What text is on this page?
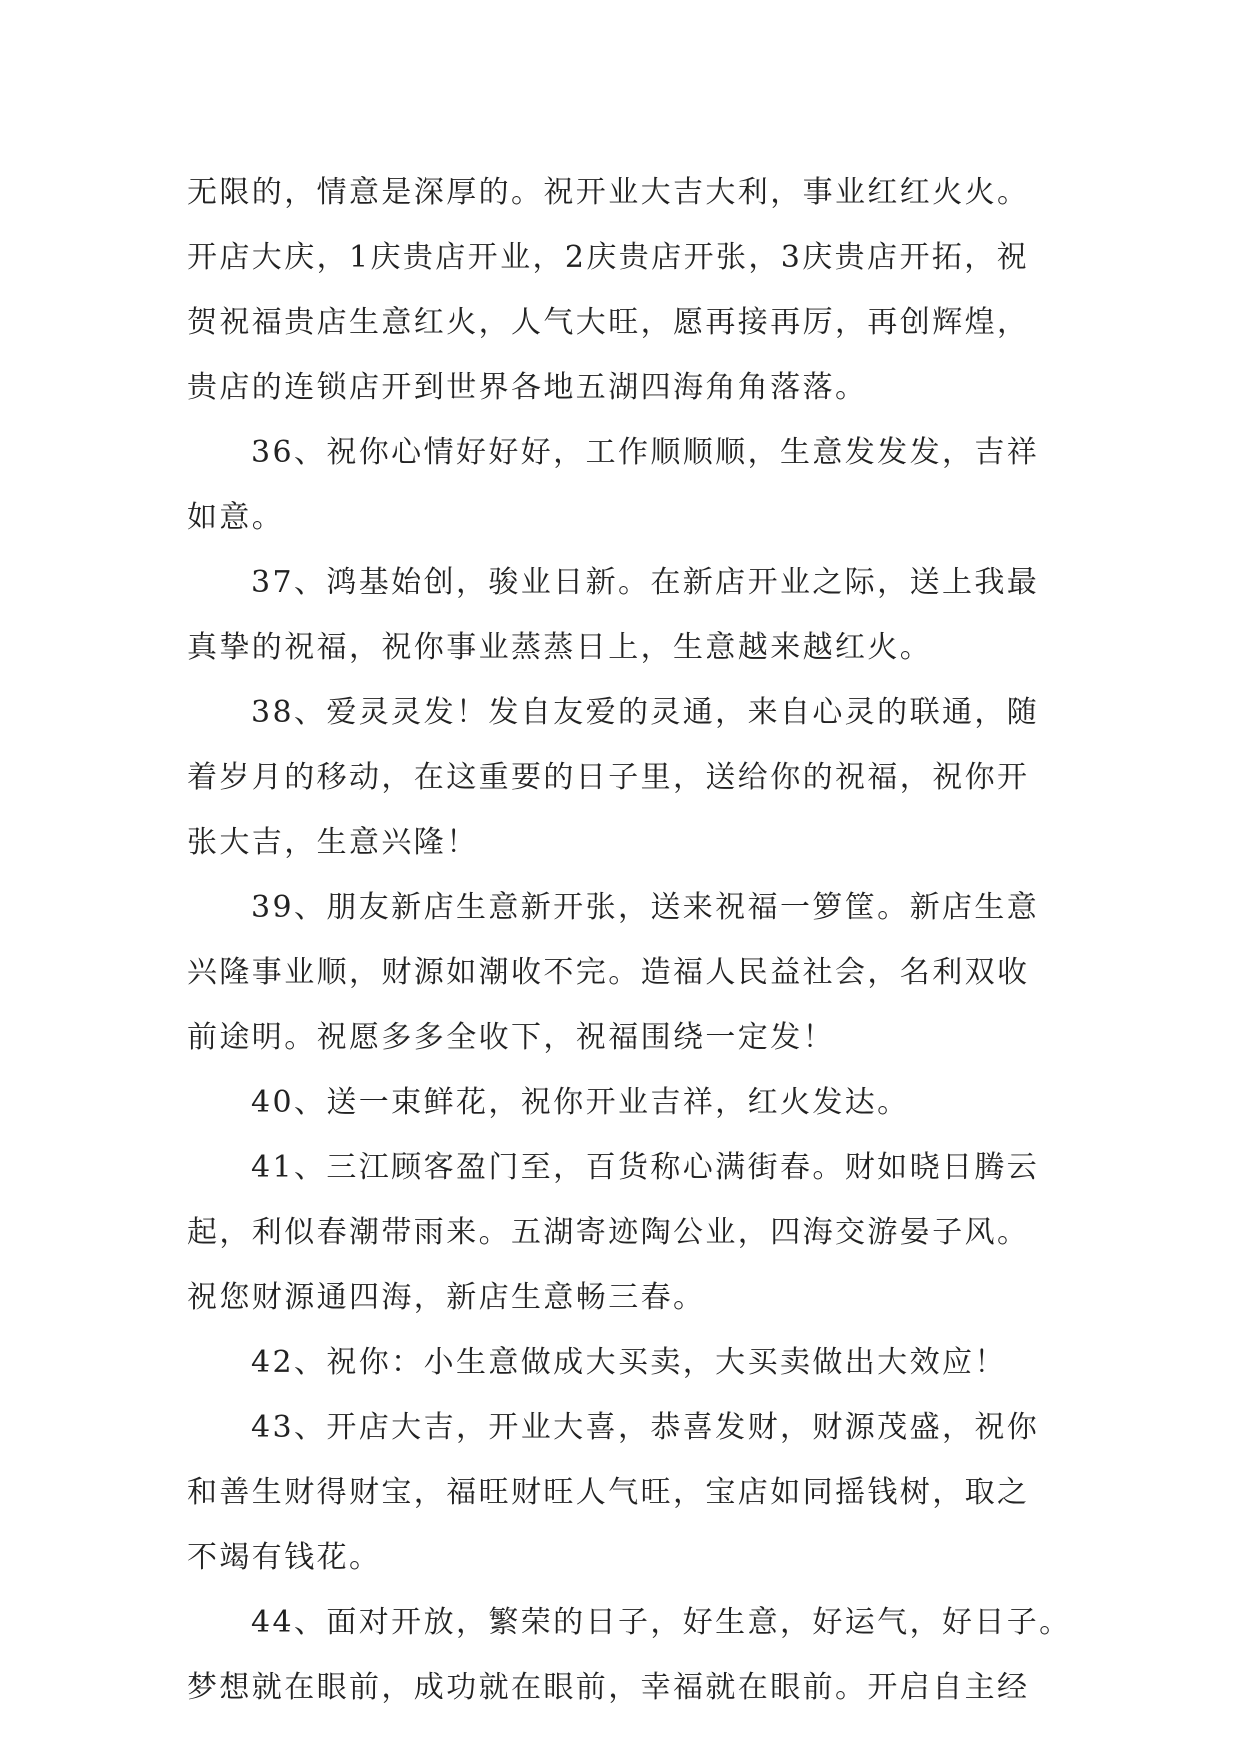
无限的，情意是深厚的。祝开业大吉大利，事业红红火火。
开店大庆，1庆贵店开业，2庆贵店开张，3庆贵店开拓，祝
贺祝福贵店生意红火，人气大旺，愿再接再厉，再创辉煌，
贵店的连锁店开到世界各地五湖四海角角落落。
36、祝你心情好好好，工作顺顺顺，生意发发发，吉祥
如意。
37、鸿基始创，骏业日新。在新店开业之际，送上我最
真挚的祝福，祝你事业蒸蒸日上，生意越来越红火。
38、爱灵灵发！发自友爱的灵通，来自心灵的联通，随
着岁月的移动，在这重要的日子里，送给你的祝福，祝你开
张大吉，生意兴隆！
39、朋友新店生意新开张，送来祝福一箩筐。新店生意
兴隆事业顺，财源如潮收不完。造福人民益社会，名利双收
前途明。祝愿多多全收下，祝福围绕一定发！
40、送一束鲜花，祝你开业吉祥，红火发达。
41、三江顾客盈门至，百货称心满街春。财如晓日腾云
起，利似春潮带雨来。五湖寄迹陶公业，四海交游晏子风。
祝您财源通四海，新店生意畅三春。
42、祝你：小生意做成大买卖，大买卖做出大效应！
43、开店大吉，开业大喜，恭喜发财，财源茂盛，祝你
和善生财得财宝，福旺财旺人气旺，宝店如同摇钱树，取之
不竭有钱花。
44、面对开放，繁荣的日子，好生意，好运气，好日子。
梦想就在眼前，成功就在眼前，幸福就在眼前。开启自主经
